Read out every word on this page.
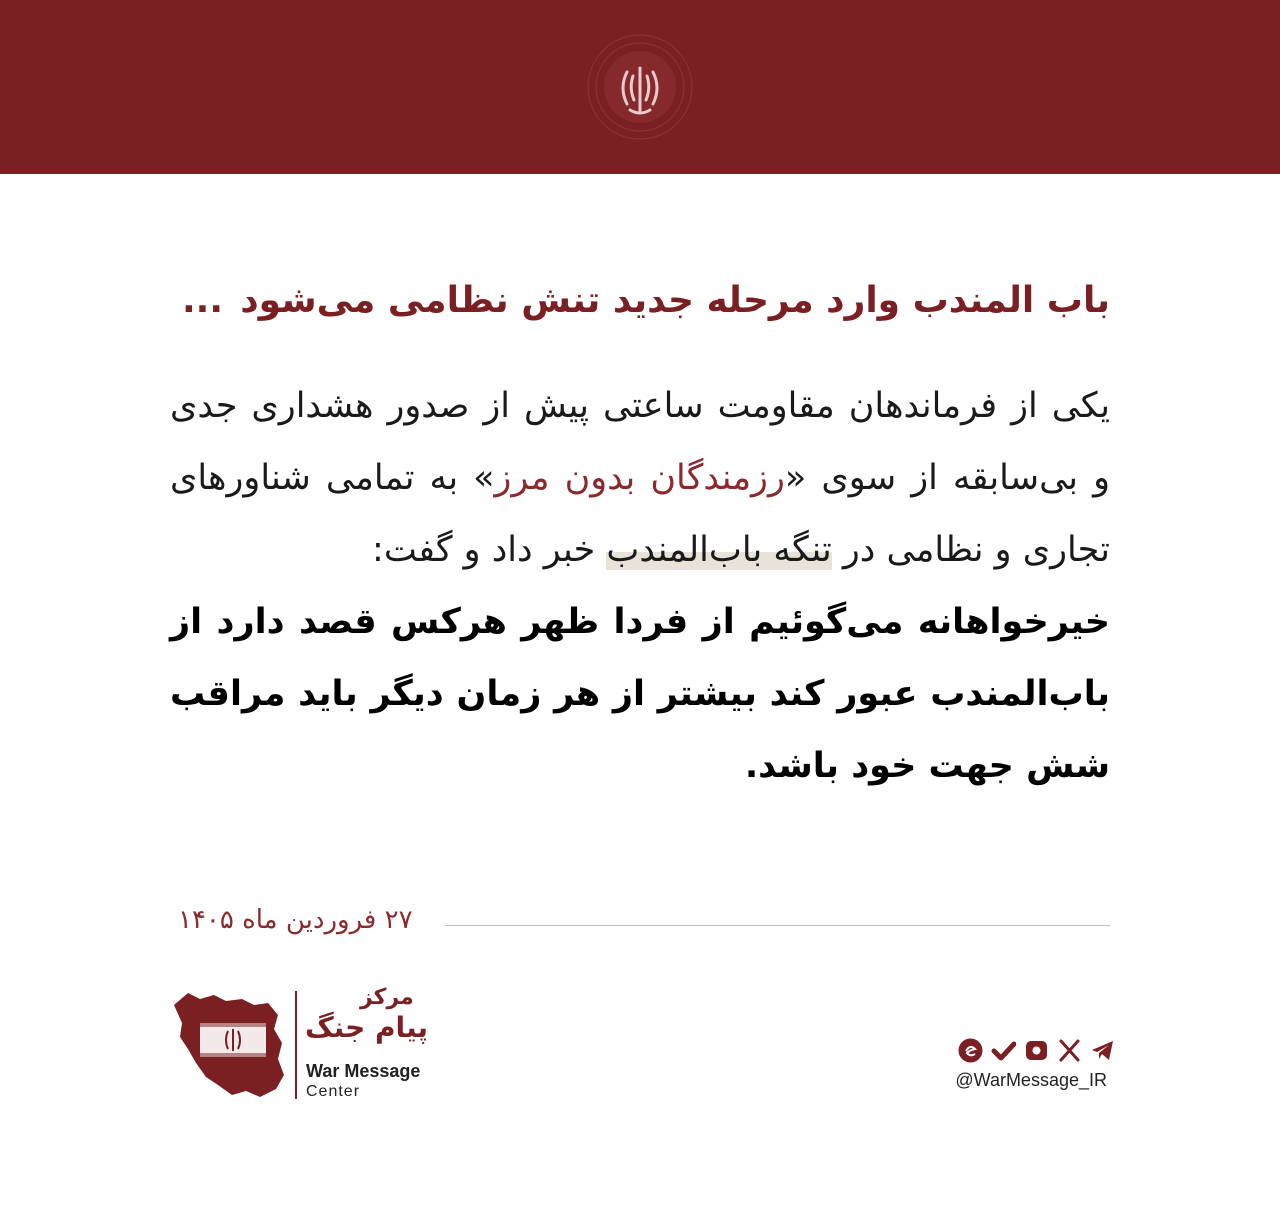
باب المندب وارد مرحله جدید تنش نظامی می‌شود
...
یکی از فرماندهان مقاومت ساعتی پیش از صدور هشداری جدی و بی‌سابقه از سوی «رزمندگان بدون مرز» به تمامی شناورهای تجاری و نظامی در تنگه باب‌المندب خبر داد و گفت:
خیرخواهانه می‌گوئیم از فردا ظهر هرکس قصد دارد از باب‌المندب عبور کند بیشتر از هر زمان دیگر باید مراقب شش جهت خود باشد.
۲۷ فروردین ماه ۱۴۰۵
مرکز
پیام جنگ
War Message
Center
@WarMessage_IR
